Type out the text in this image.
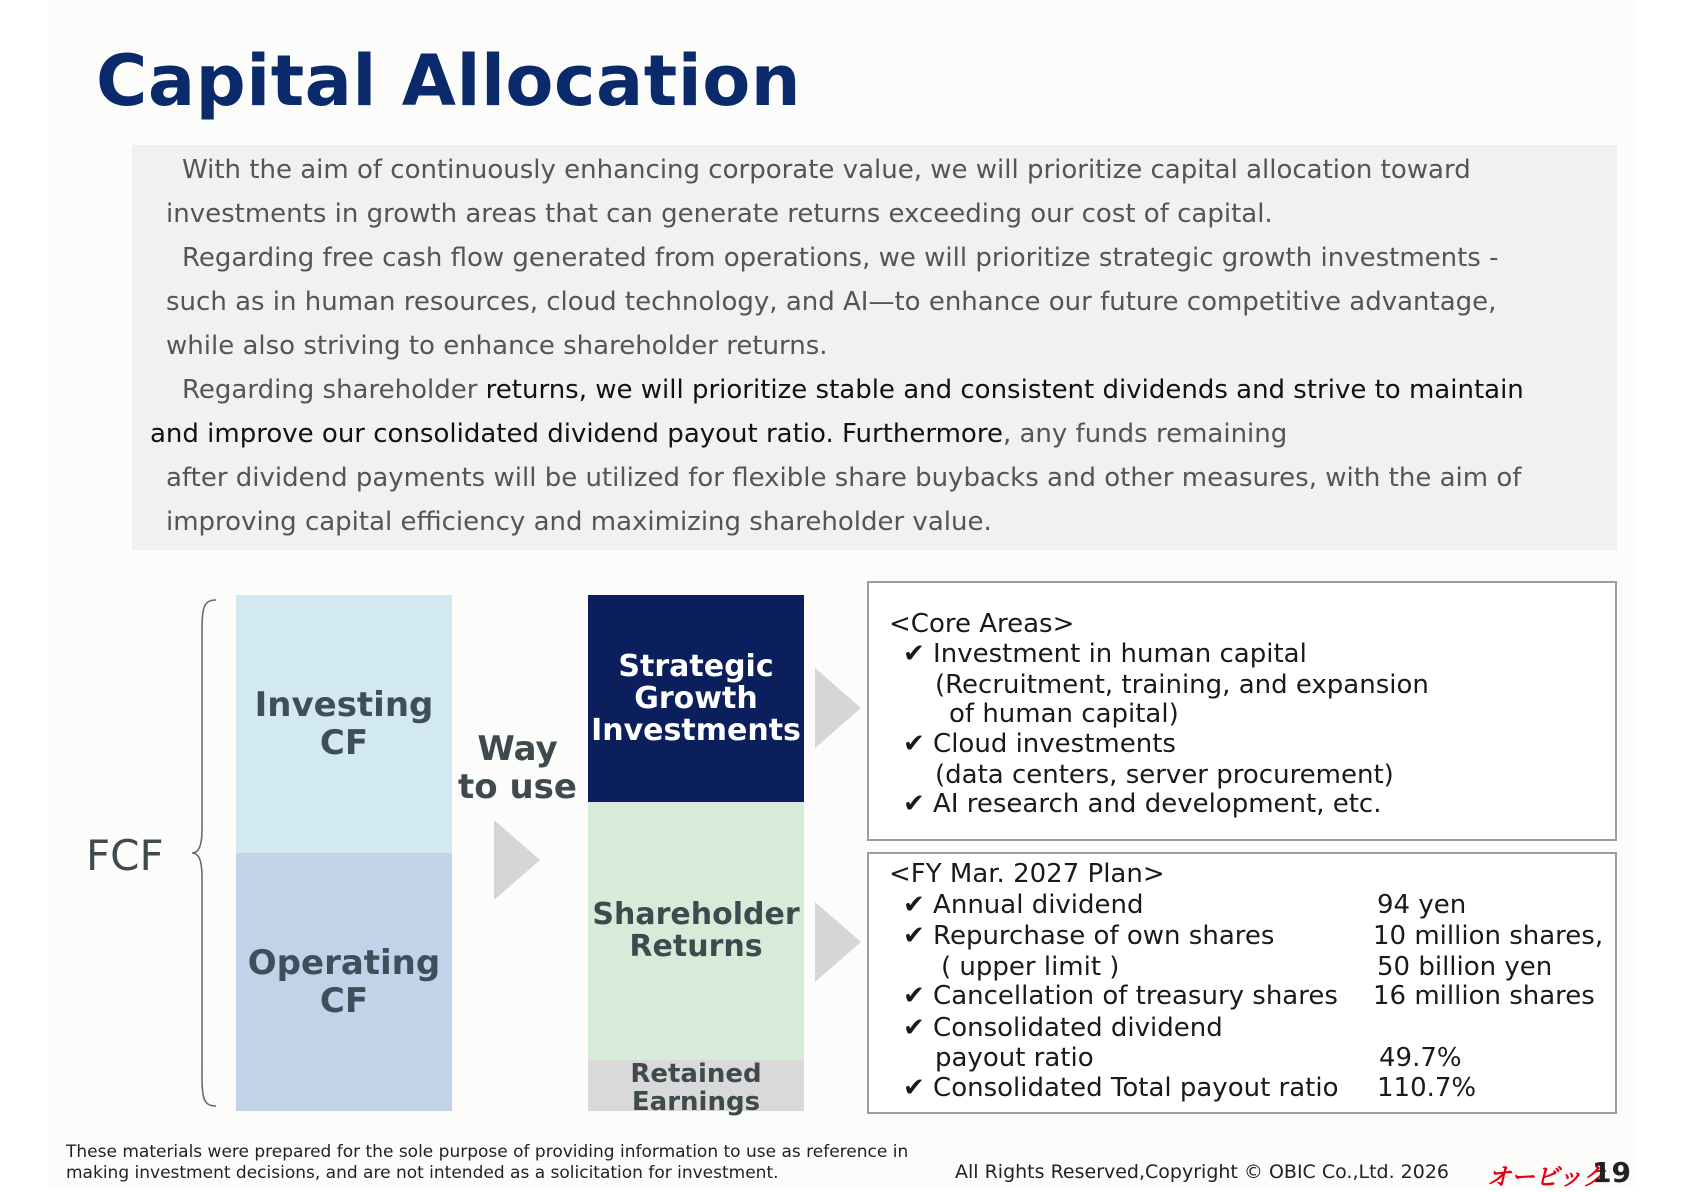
Capital Allocation
With the aim of continuously enhancing corporate value, we will prioritize capital allocation toward
investments in growth areas that can generate returns exceeding our cost of capital.
Regarding free cash flow generated from operations, we will prioritize strategic growth investments -
such as in human resources, cloud technology, and AI—to enhance our future competitive advantage,
while also striving to enhance shareholder returns.
Regarding shareholder returns, we will prioritize stable and consistent dividends and strive to maintain
and improve our consolidated dividend payout ratio. Furthermore, any funds remaining
after dividend payments will be utilized for flexible share buybacks and other measures, with the aim of
improving capital efficiency and maximizing shareholder value.
FCF
Investing
CF
Operating
CF
Way
to use
Strategic
Growth
Investments
Shareholder
Returns
Retained
Earnings
<Core Areas>
✔ Investment in human capital
(Recruitment, training, and expansion
of human capital)
✔ Cloud investments
(data centers, server procurement)
✔ AI research and development, etc.
<FY Mar. 2027 Plan>
✔ Annual dividend	94 yen
✔ Repurchase of own shares	10 million shares,
( upper limit )	50 billion yen
✔ Cancellation of treasury shares 16 million shares
✔ Consolidated dividend
payout ratio	49.7%
✔ Consolidated Total payout ratio 110.7%
These materials were prepared for the sole purpose of providing information to use as reference in
making investment decisions, and are not intended as a solicitation for investment.	All Rights Reserved,Copyright © OBIC Co.,Ltd. 2026 オービック
19
